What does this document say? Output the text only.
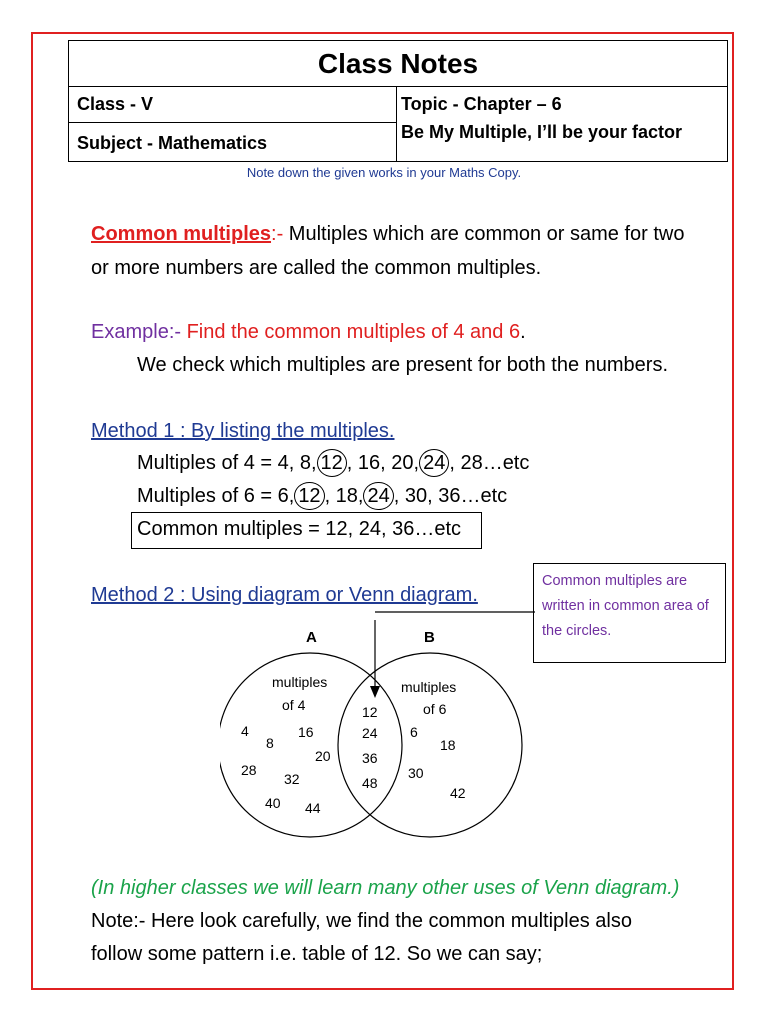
Class Notes
Class - V
Subject - Mathematics
Topic - Chapter – 6
Be My Multiple, I’ll be your factor
Note down the given works in your Maths Copy.
Common multiples:- Multiples which are common or same for two
or more numbers are called the common multiples.
Example:- Find the common multiples of 4 and 6.
We check which multiples are present for both the numbers.
Method 1 : By listing the multiples.
Multiples of 4 = 4, 8, 12 , 16, 20, 24 , 28…etc
Multiples of 6 = 6, 12 , 18, 24 , 30, 36…etc
Common multiples = 12, 24, 36…etc
Method 2 : Using diagram or Venn diagram.
Common multiples are written in common area of the circles.
A	B
multiples
of 4
multiples
of 6
4
8
16
20
28
32
40 44
12
24
36
48
6
18
30
42
(In higher classes we will learn many other uses of Venn diagram.)
Note:- Here look carefully, we find the common multiples also
follow some pattern i.e. table of 12. So we can say;
